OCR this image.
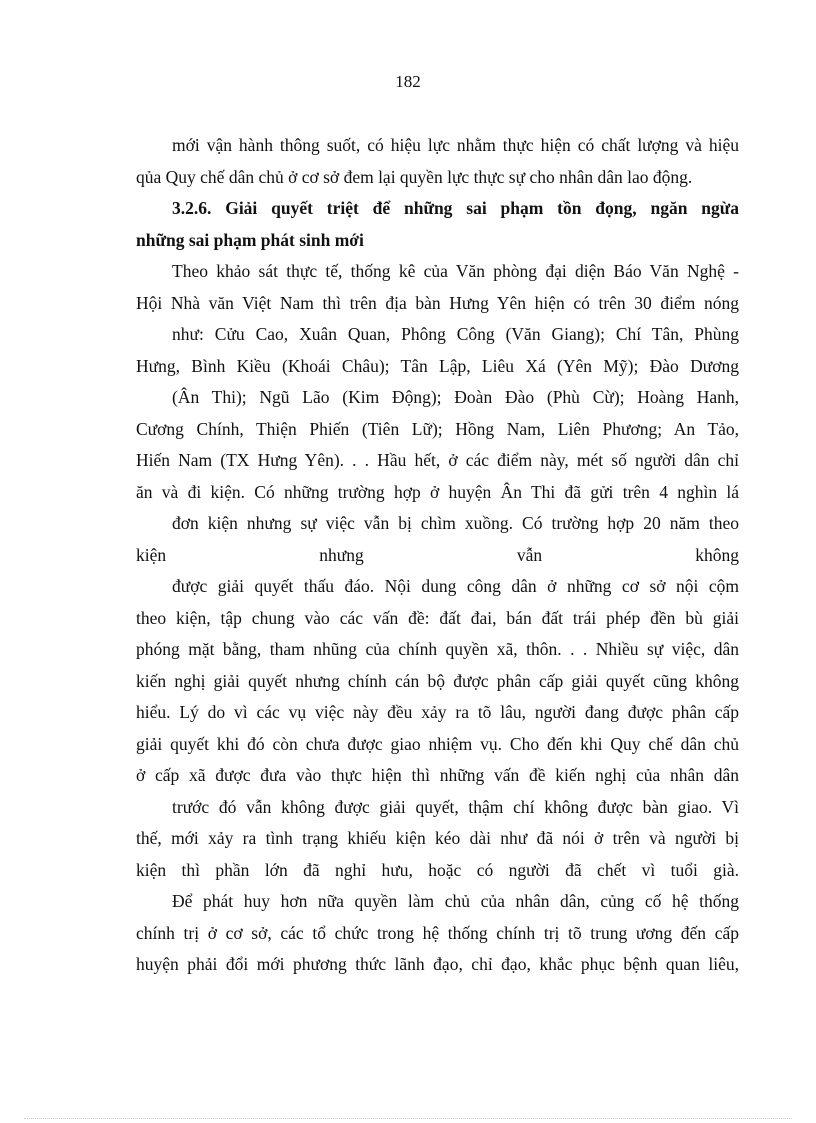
182
mới vận hành thông suốt, có hiệu lực nhằm thực hiện có chất lượng và hiệu
qủa Quy chế dân chủ ở cơ sở đem lại quyền lực thực sự cho nhân dân lao động.
3.2.6. Giải quyết triệt để những sai phạm tồn đọng, ngăn ngừa
những sai phạm phát sinh mới
Theo khảo sát thực tế, thống kê của Văn phòng đại diện Báo Văn Nghệ -
Hội Nhà văn Việt Nam thì trên địa bàn Hưng Yên hiện có trên 30 điểm nóng
như: Cửu Cao, Xuân Quan, Phông Công (Văn Giang); Chí Tân, Phùng
Hưng, Bình Kiều (Khoái Châu); Tân Lập, Liêu Xá (Yên Mỹ); Đào Dương
(Ân Thi); Ngũ Lão (Kim Động); Đoàn Đào (Phù Cừ); Hoàng Hanh,
Cương Chính, Thiện Phiến (Tiên Lữ); Hồng Nam, Liên Phương; An Tảo,
Hiến Nam (TX Hưng Yên). . . Hầu hết, ở các điểm này, mét số người dân chỉ
ăn và đi kiện. Có những trường hợp ở huyện Ân Thi đã gửi trên 4 nghìn lá
đơn kiện nhưng sự việc vẫn bị chìm xuồng. Có trường hợp 20 năm theo
kiện nhưng vẫn không
được giải quyết thấu đáo. Nội dung công dân ở những cơ sở nội cộm
theo kiện, tập chung vào các vấn đề: đất đai, bán đất trái phép đền bù giải
phóng mặt bằng, tham nhũng của chính quyền xã, thôn. . . Nhiều sự việc, dân
kiến nghị giải quyết nhưng chính cán bộ được phân cấp giải quyết cũng không
hiểu. Lý do vì các vụ việc này đều xảy ra tõ lâu, người đang được phân cấp
giải quyết khi đó còn chưa được giao nhiệm vụ. Cho đến khi Quy chế dân chủ
ở cấp xã được đưa vào thực hiện thì những vấn đề kiến nghị của nhân dân
trước đó vẫn không được giải quyết, thậm chí không được bàn giao. Vì
thế, mới xảy ra tình trạng khiếu kiện kéo dài như đã nói ở trên và người bị
kiện thì phần lớn đã nghỉ hưu, hoặc có người đã chết vì tuổi già.
Để phát huy hơn nữa quyền làm chủ của nhân dân, củng cố hệ thống
chính trị ở cơ sở, các tổ chức trong hệ thống chính trị tõ trung ương đến cấp
huyện phải đổi mới phương thức lãnh đạo, chỉ đạo, khắc phục bệnh quan liêu,
